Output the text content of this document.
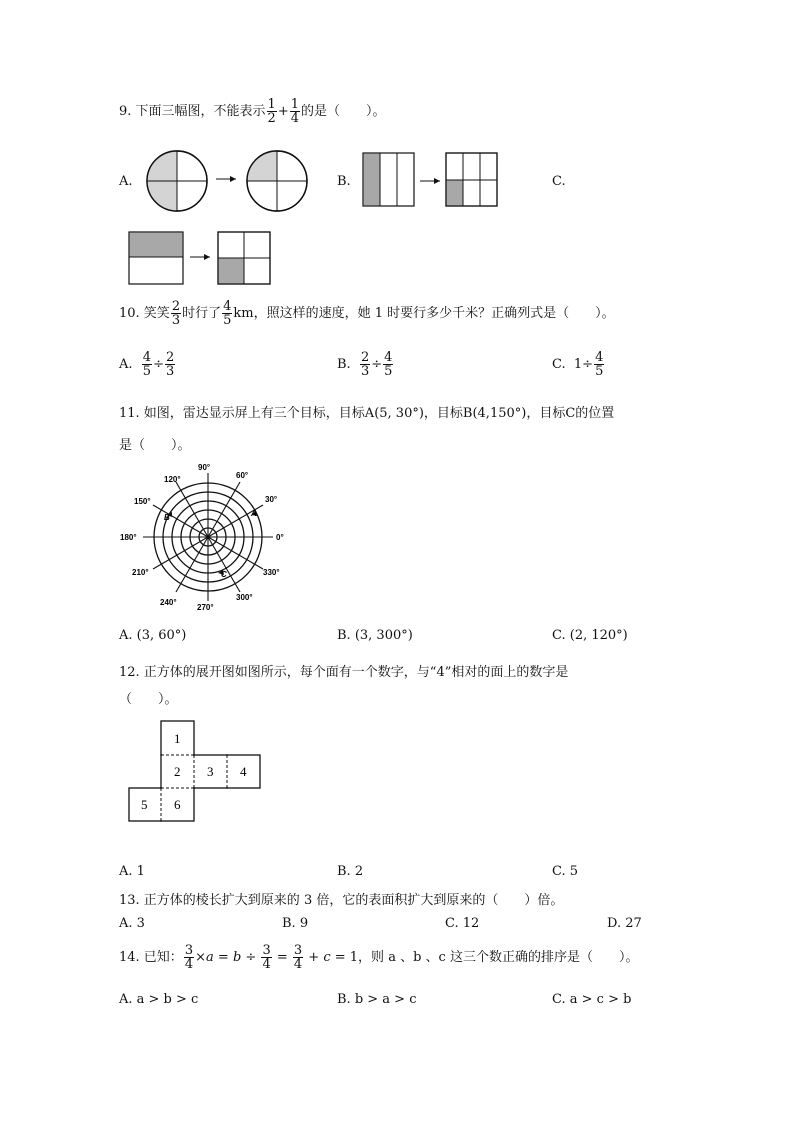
9. 下面三幅图，不能表示 $\frac{1}{2} + \frac{1}{4}$ 的是（　　）。
A.	B.	C.
10. 笑笑 $\frac{2}{3}$ 时行了 $\frac{4}{5}$ km，照这样的速度，她 1 时要行多少千米？正确列式是（　　）。
A. $\frac{4}{5} \div \frac{2}{3}$	B. $\frac{2}{3} \div \frac{4}{5}$	C. $1\div \frac{4}{5}$
11. 如图，雷达显示屏上有三个目标，目标A(5, 30°)，目标B(4,150°)，目标C的位置
是（　　）。
90°
60°
30°
0°
330°
300°
270°
240°
210°
180°
150°
120°
A
B
C
A. (3, 60°)	B. (3, 300°)	C. (2, 120°)
12. 正方体的展开图如图所示，每个面有一个数字，与“4”相对的面上的数字是
（　　）。
1
2 3 4
5 6
A. 1	B. 2	C. 5
13. 正方体的棱长扩大到原来的 3 倍，它的表面积扩大到原来的（　　）倍。
A. 3	B. 9	C. 12	D. 27
14. 已知： $\frac{3}{4} \times a = b \div \frac{3}{4} = \frac{3}{4} + c = 1$，则 a 、b 、c 这三个数正确的排序是（　　）。
A. a > b > c	B. b > a > c	C. a > c > b
